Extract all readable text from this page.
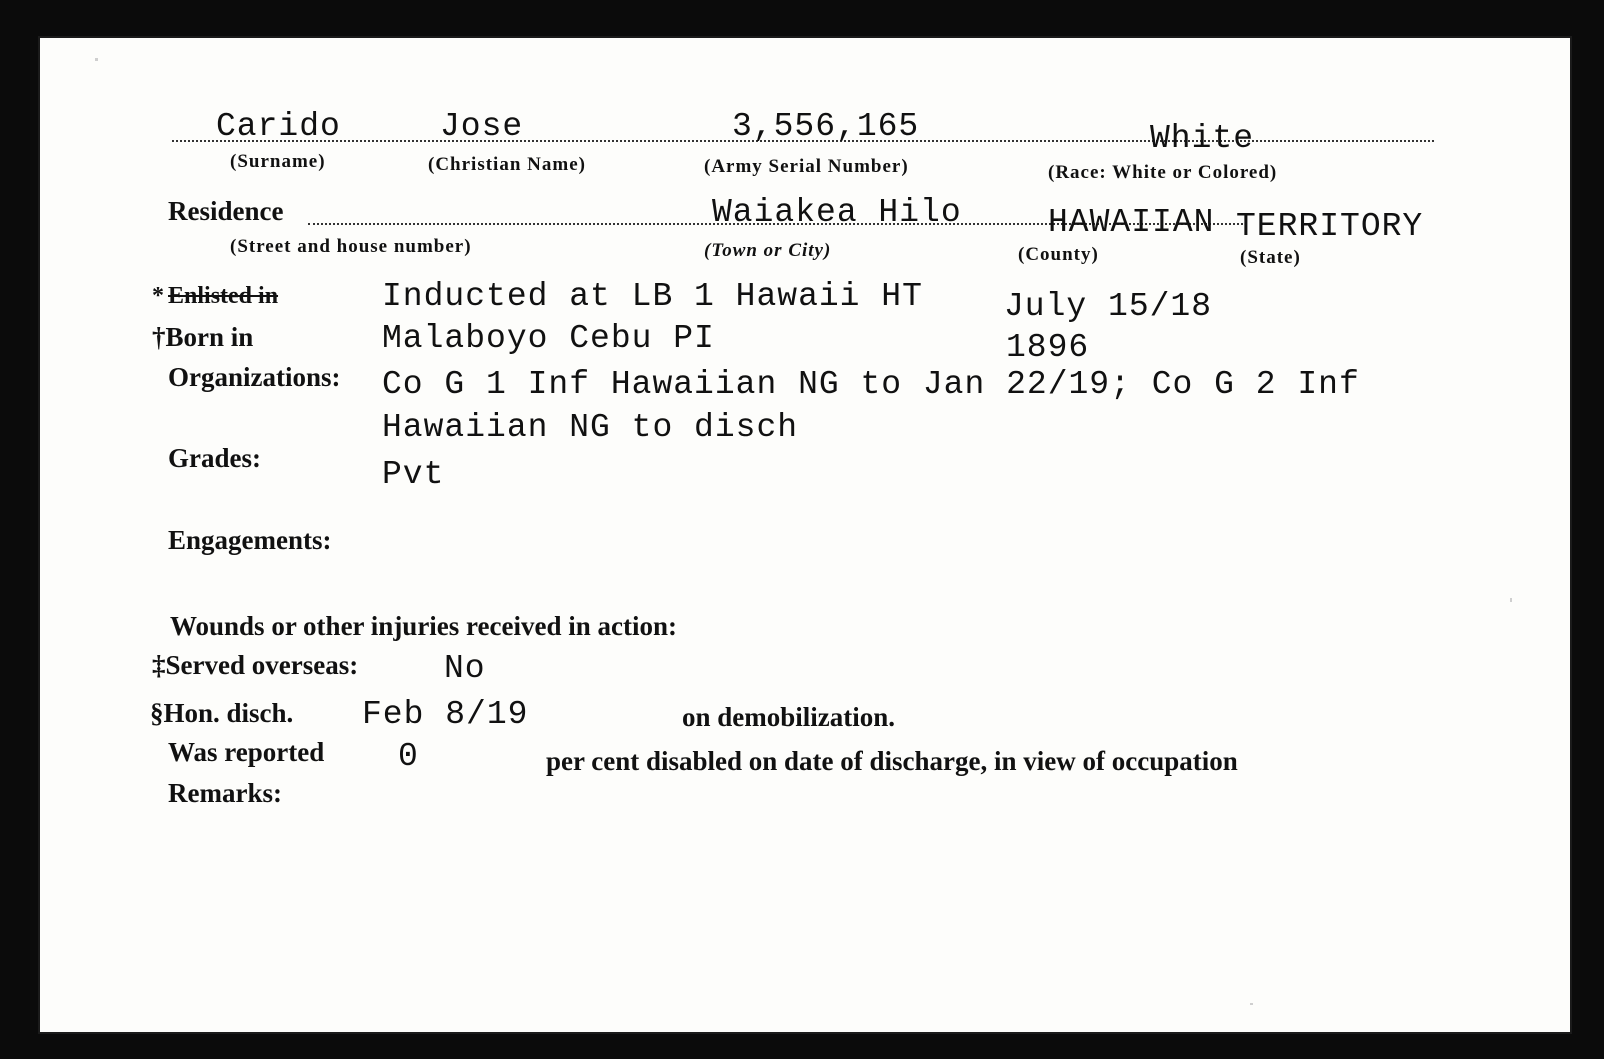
Carido	Jose	3,556,165	White
(Surname)	(Christian Name)	(Army Serial Number)	(Race: White or Colored)
Residence	Waiakea Hilo	HAWAIIAN TERRITORY
(Street and house number)	(Town or City)	(County)	(State)
* Enlisted in	Inducted at LB 1 Hawaii HT July 15/18
†Born in	Malaboyo Cebu PI	1896
Organizations: Co G 1 Inf Hawaiian NG to Jan 22/19; Co G 2 Inf
Hawaiian NG to disch
Grades:	Pvt
Engagements:
Wounds or other injuries received in action:
‡Served overseas:	No
§Hon. disch. Feb 8/19	on demobilization.
Was reported 0	per cent disabled on date of discharge, in view of occupation
Remarks:
